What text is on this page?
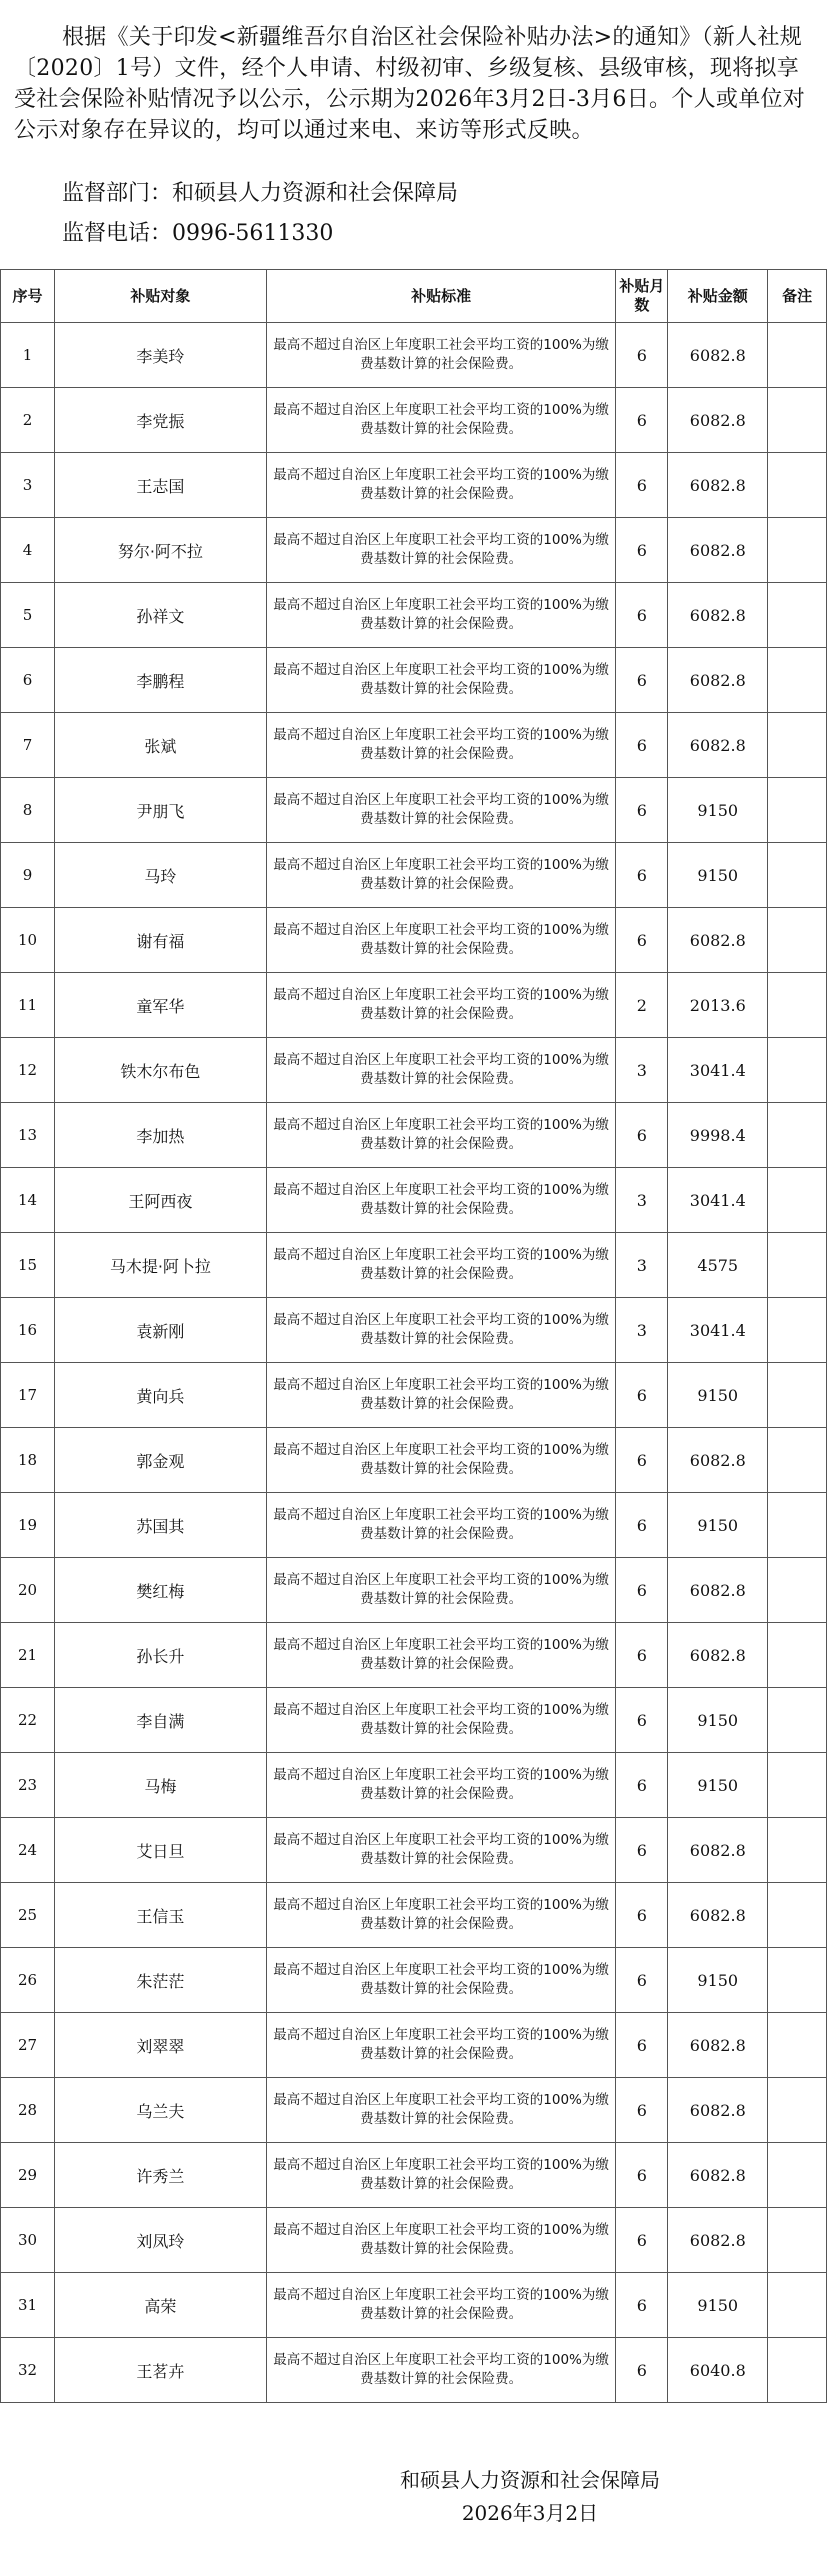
根据《关于印发<新疆维吾尔自治区社会保险补贴办法>的通知》（新人社规〔2020〕1号）文件，经个人申请、村级初审、乡级复核、县级审核，现将拟享受社会保险补贴情况予以公示，公示期为2026年3月2日-3月6日。个人或单位对公示对象存在异议的，均可以通过来电、来访等形式反映。

监督部门：和硕县人力资源和社会保障局
监督电话：0996-5611330
序号	补贴对象	补贴标准	补贴月数	补贴金额	备注
1	李美玲	最高不超过自治区上年度职工社会平均工资的100%为缴费基数计算的社会保险费。	6	6082.8	
2	李党振	最高不超过自治区上年度职工社会平均工资的100%为缴费基数计算的社会保险费。	6	6082.8	
3	王志国	最高不超过自治区上年度职工社会平均工资的100%为缴费基数计算的社会保险费。	6	6082.8	
4	努尔·阿不拉	最高不超过自治区上年度职工社会平均工资的100%为缴费基数计算的社会保险费。	6	6082.8	
5	孙祥文	最高不超过自治区上年度职工社会平均工资的100%为缴费基数计算的社会保险费。	6	6082.8	
6	李鹏程	最高不超过自治区上年度职工社会平均工资的100%为缴费基数计算的社会保险费。	6	6082.8	
7	张斌	最高不超过自治区上年度职工社会平均工资的100%为缴费基数计算的社会保险费。	6	6082.8	
8	尹朋飞	最高不超过自治区上年度职工社会平均工资的100%为缴费基数计算的社会保险费。	6	9150	
9	马玲	最高不超过自治区上年度职工社会平均工资的100%为缴费基数计算的社会保险费。	6	9150	
10	谢有福	最高不超过自治区上年度职工社会平均工资的100%为缴费基数计算的社会保险费。	6	6082.8	
11	童军华	最高不超过自治区上年度职工社会平均工资的100%为缴费基数计算的社会保险费。	2	2013.6	
12	铁木尔布色	最高不超过自治区上年度职工社会平均工资的100%为缴费基数计算的社会保险费。	3	3041.4	
13	李加热	最高不超过自治区上年度职工社会平均工资的100%为缴费基数计算的社会保险费。	6	9998.4	
14	王阿西夜	最高不超过自治区上年度职工社会平均工资的100%为缴费基数计算的社会保险费。	3	3041.4	
15	马木提·阿卜拉	最高不超过自治区上年度职工社会平均工资的100%为缴费基数计算的社会保险费。	3	4575	
16	袁新刚	最高不超过自治区上年度职工社会平均工资的100%为缴费基数计算的社会保险费。	3	3041.4	
17	黄向兵	最高不超过自治区上年度职工社会平均工资的100%为缴费基数计算的社会保险费。	6	9150	
18	郭金观	最高不超过自治区上年度职工社会平均工资的100%为缴费基数计算的社会保险费。	6	6082.8	
19	苏国其	最高不超过自治区上年度职工社会平均工资的100%为缴费基数计算的社会保险费。	6	9150	
20	樊红梅	最高不超过自治区上年度职工社会平均工资的100%为缴费基数计算的社会保险费。	6	6082.8	
21	孙长升	最高不超过自治区上年度职工社会平均工资的100%为缴费基数计算的社会保险费。	6	6082.8	
22	李自满	最高不超过自治区上年度职工社会平均工资的100%为缴费基数计算的社会保险费。	6	9150	
23	马梅	最高不超过自治区上年度职工社会平均工资的100%为缴费基数计算的社会保险费。	6	9150	
24	艾日旦	最高不超过自治区上年度职工社会平均工资的100%为缴费基数计算的社会保险费。	6	6082.8	
25	王信玉	最高不超过自治区上年度职工社会平均工资的100%为缴费基数计算的社会保险费。	6	6082.8	
26	朱茫茫	最高不超过自治区上年度职工社会平均工资的100%为缴费基数计算的社会保险费。	6	9150	
27	刘翠翠	最高不超过自治区上年度职工社会平均工资的100%为缴费基数计算的社会保险费。	6	6082.8	
28	乌兰夫	最高不超过自治区上年度职工社会平均工资的100%为缴费基数计算的社会保险费。	6	6082.8	
29	许秀兰	最高不超过自治区上年度职工社会平均工资的100%为缴费基数计算的社会保险费。	6	6082.8	
30	刘凤玲	最高不超过自治区上年度职工社会平均工资的100%为缴费基数计算的社会保险费。	6	6082.8	
31	高荣	最高不超过自治区上年度职工社会平均工资的100%为缴费基数计算的社会保险费。	6	9150	
32	王茗卉	最高不超过自治区上年度职工社会平均工资的100%为缴费基数计算的社会保险费。	6	6040.8	
和硕县人力资源和社会保障局
2026年3月2日
